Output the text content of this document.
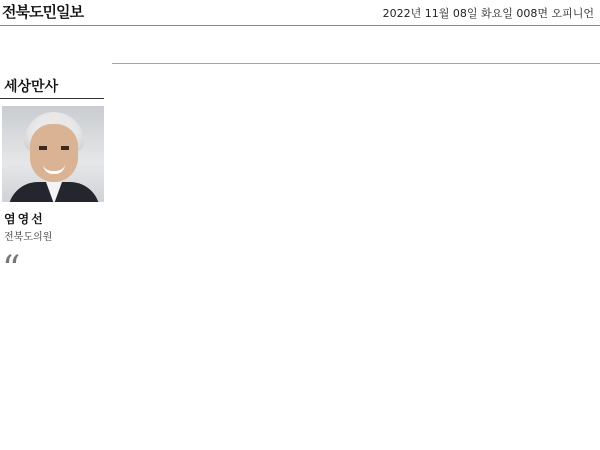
전북도민일보	2022년 11월 08일 화요일 008면 오피니언
세상만사
염영선
전북도의원
“
